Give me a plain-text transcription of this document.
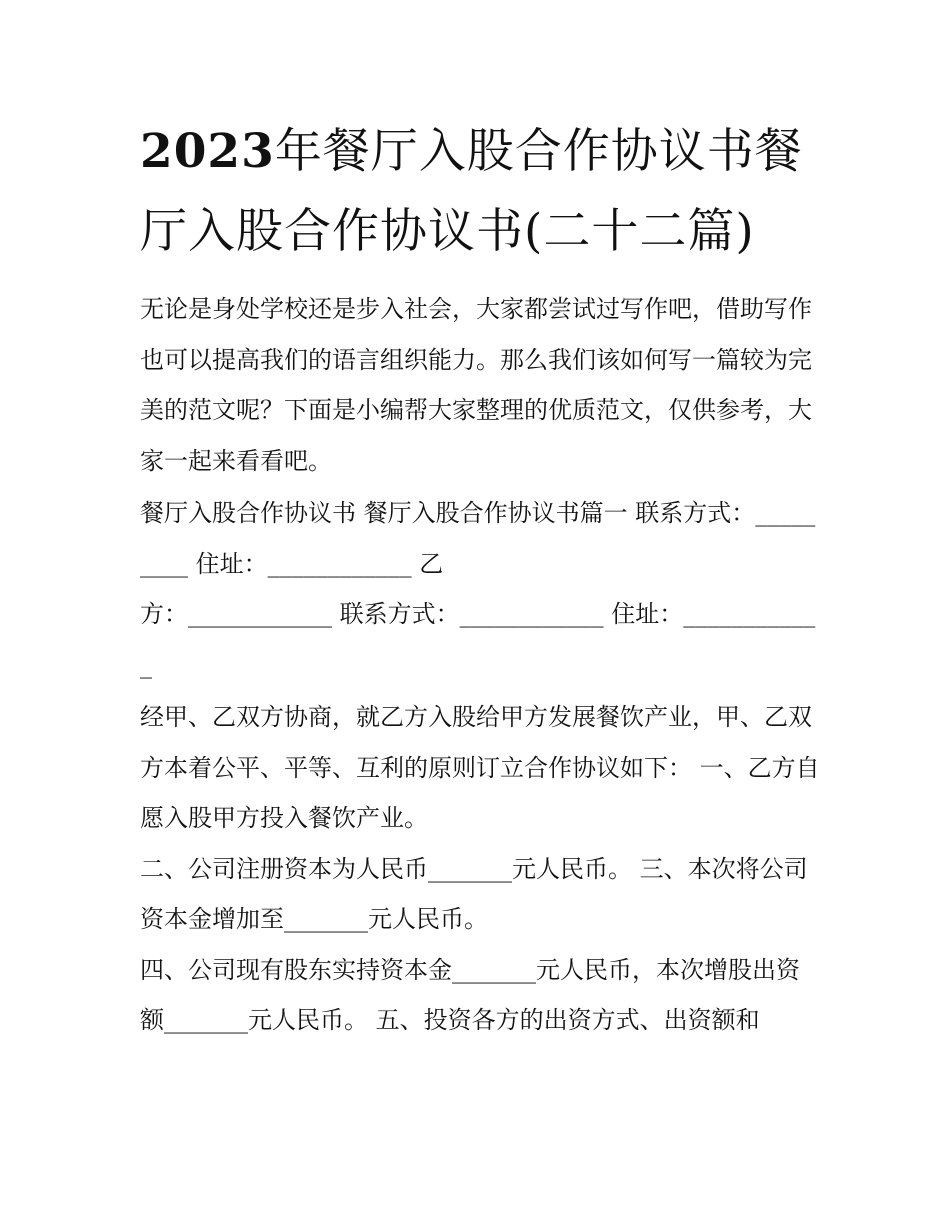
2023年餐厅入股合作协议书餐厅入股合作协议书(二十二篇)

无论是身处学校还是步入社会，大家都尝试过写作吧，借助写作也可以提高我们的语言组织能力。那么我们该如何写一篇较为完美的范文呢？下面是小编帮大家整理的优质范文，仅供参考，大家一起来看看吧。

餐厅入股合作协议书 餐厅入股合作协议书篇一 联系方式：_________ 住址：____________ 乙

方：____________ 联系方式：____________ 住址：____________

经甲、乙双方协商，就乙方入股给甲方发展餐饮产业，甲、乙双方本着公平、平等、互利的原则订立合作协议如下： 一、乙方自愿入股甲方投入餐饮产业。

二、公司注册资本为人民币_______元人民币。 三、本次将公司资本金增加至_______元人民币。

四、公司现有股东实持资本金_______元人民币，本次增股出资额_______元人民币。 五、投资各方的出资方式、出资额和
